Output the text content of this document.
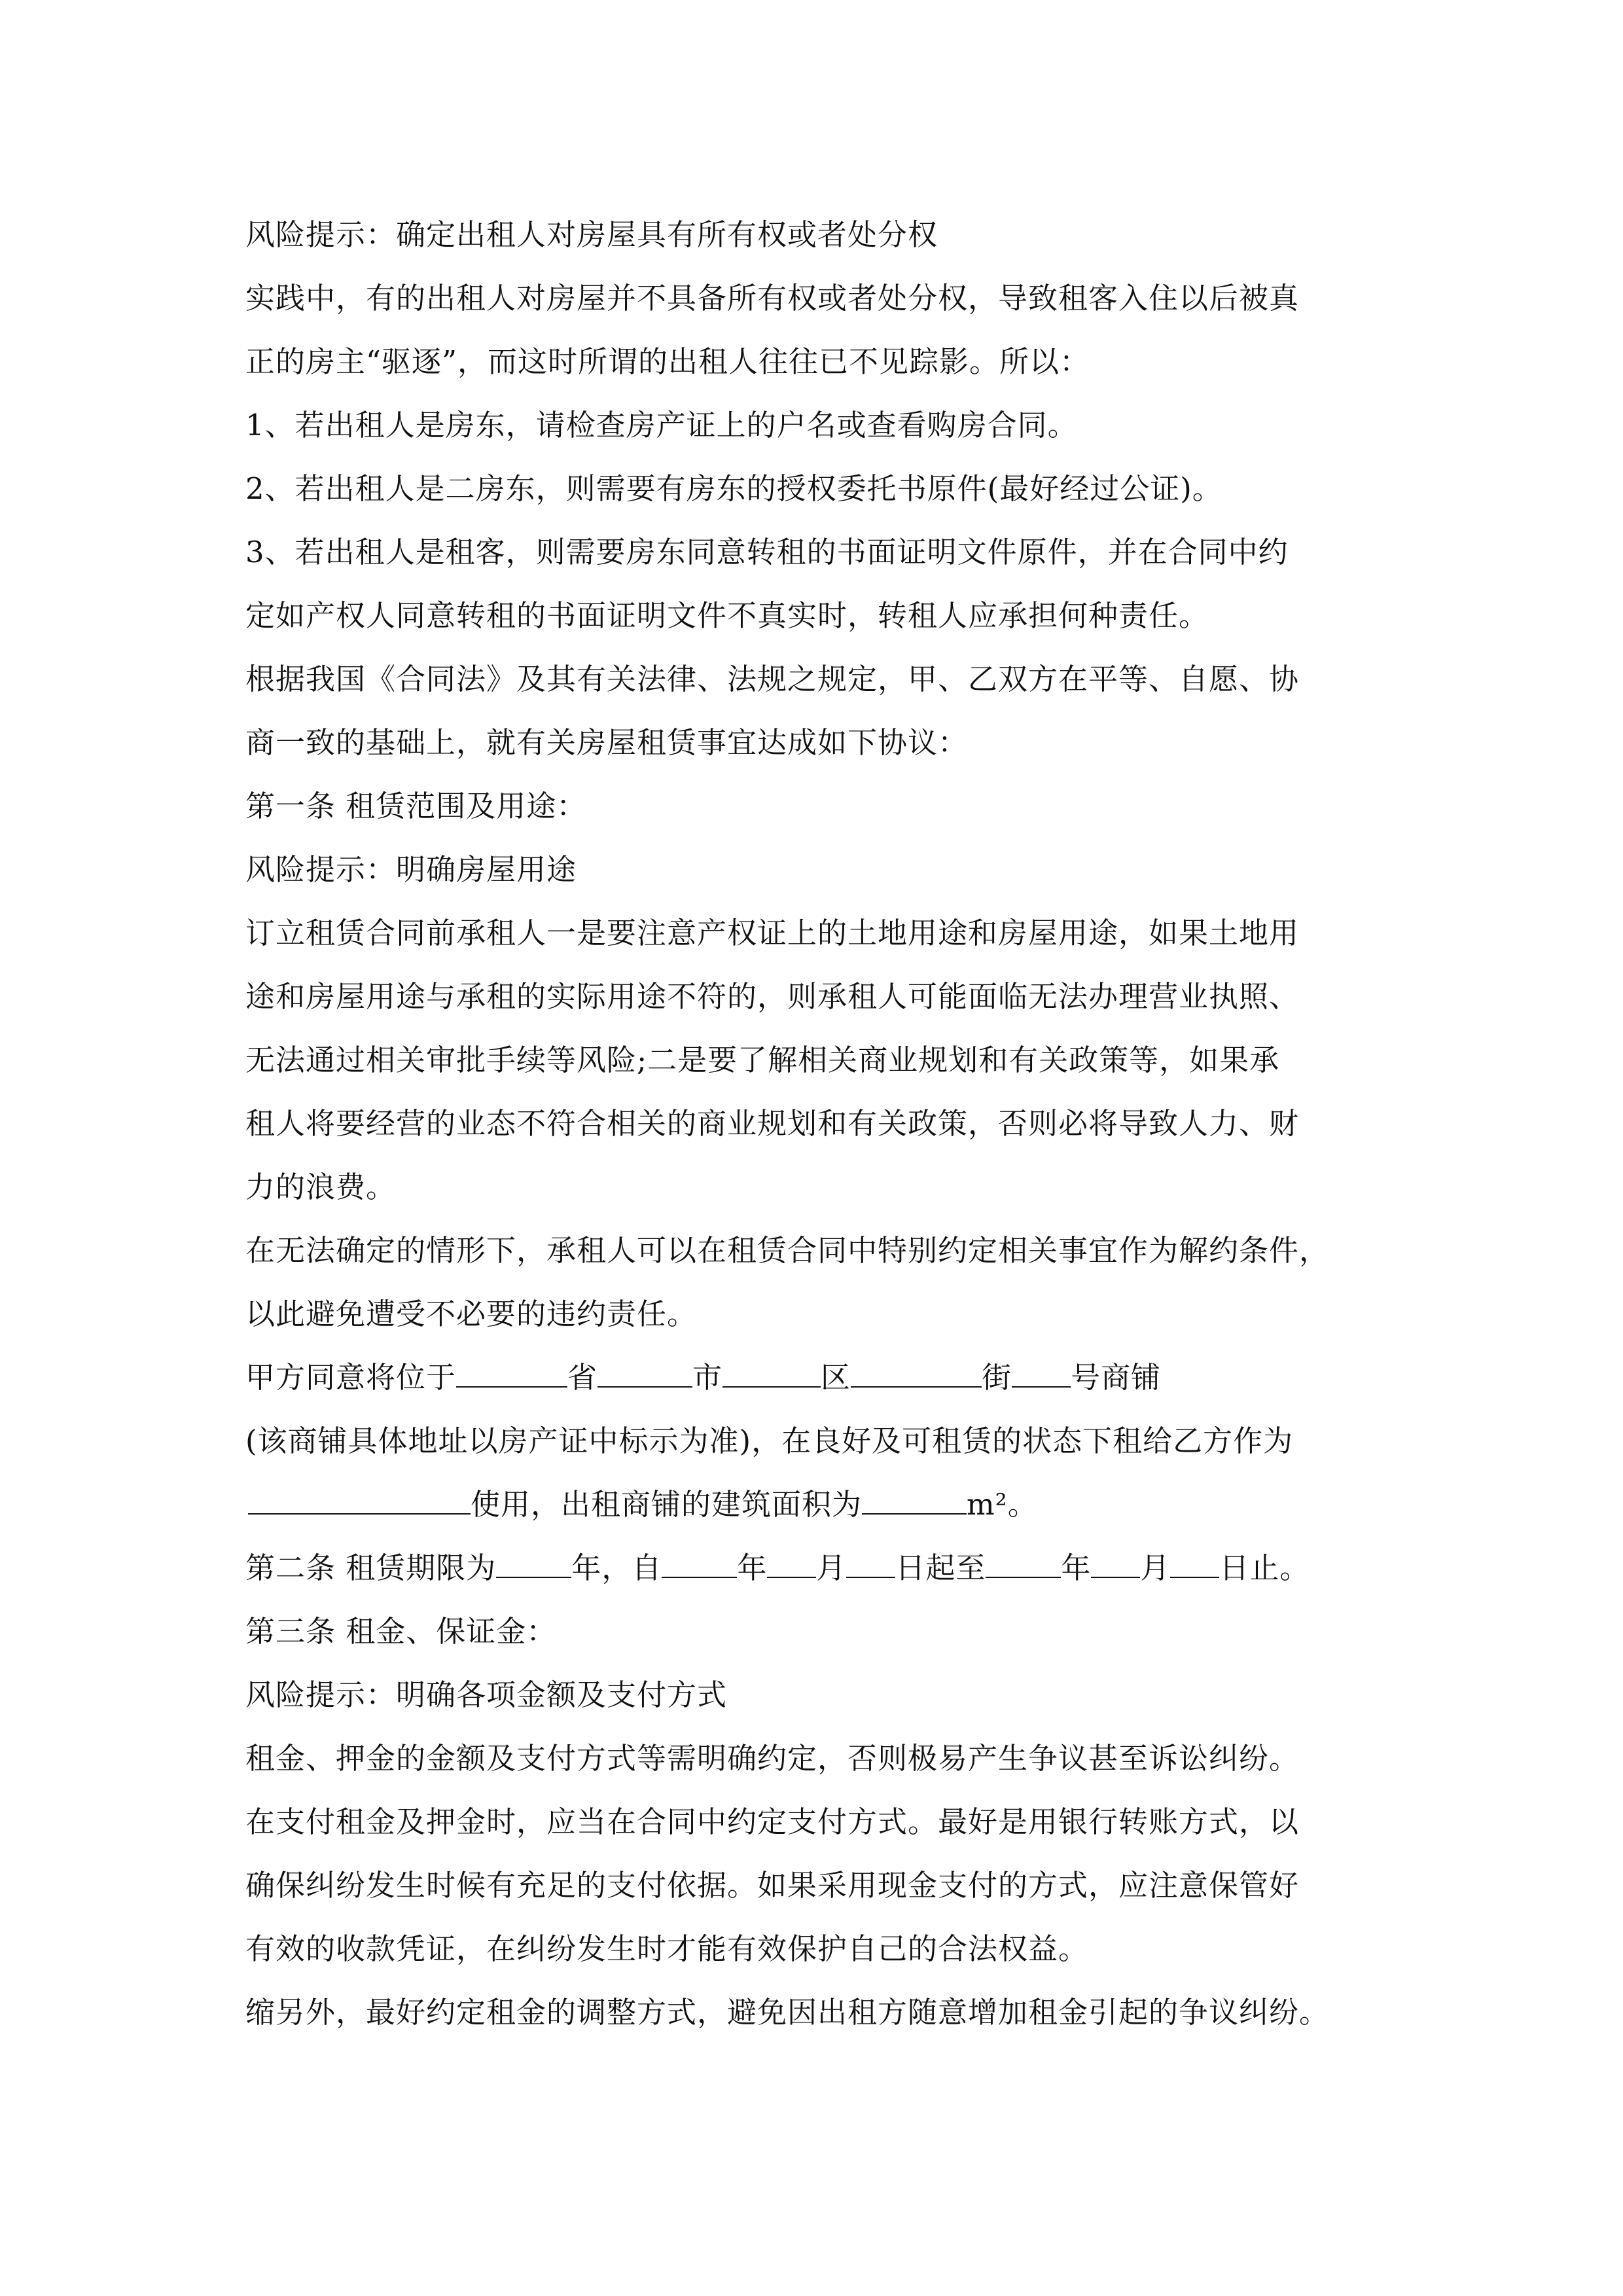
风险提示：确定出租人对房屋具有所有权或者处分权
实践中，有的出租人对房屋并不具备所有权或者处分权，导致租客入住以后被真
正的房主“驱逐”，而这时所谓的出租人往往已不见踪影。所以：
1、若出租人是房东，请检查房产证上的户名或查看购房合同。
2、若出租人是二房东，则需要有房东的授权委托书原件(最好经过公证)。
3、若出租人是租客，则需要房东同意转租的书面证明文件原件，并在合同中约
定如产权人同意转租的书面证明文件不真实时，转租人应承担何种责任。
根据我国《合同法》及其有关法律、法规之规定，甲、乙双方在平等、自愿、协
商一致的基础上，就有关房屋租赁事宜达成如下协议：
第一条 租赁范围及用途：
风险提示：明确房屋用途
订立租赁合同前承租人一是要注意产权证上的土地用途和房屋用途，如果土地用
途和房屋用途与承租的实际用途不符的，则承租人可能面临无法办理营业执照、
无法通过相关审批手续等风险;二是要了解相关商业规划和有关政策等，如果承
租人将要经营的业态不符合相关的商业规划和有关政策，否则必将导致人力、财
力的浪费。
在无法确定的情形下，承租人可以在租赁合同中特别约定相关事宜作为解约条件，
以此避免遭受不必要的违约责任。
甲方同意将位于	省	市	区	街 号商铺
(该商铺具体地址以房产证中标示为准)，在良好及可租赁的状态下租给乙方作为
使用，出租商铺的建筑面积为	m²。
第二条 租赁期限为	年，自	年 月 日起至	年 月 日止。
第三条 租金、保证金：
风险提示：明确各项金额及支付方式
租金、押金的金额及支付方式等需明确约定，否则极易产生争议甚至诉讼纠纷。
在支付租金及押金时，应当在合同中约定支付方式。最好是用银行转账方式，以
确保纠纷发生时候有充足的支付依据。如果采用现金支付的方式，应注意保管好
有效的收款凭证，在纠纷发生时才能有效保护自己的合法权益。
缩另外，最好约定租金的调整方式，避免因出租方随意增加租金引起的争议纠纷。
